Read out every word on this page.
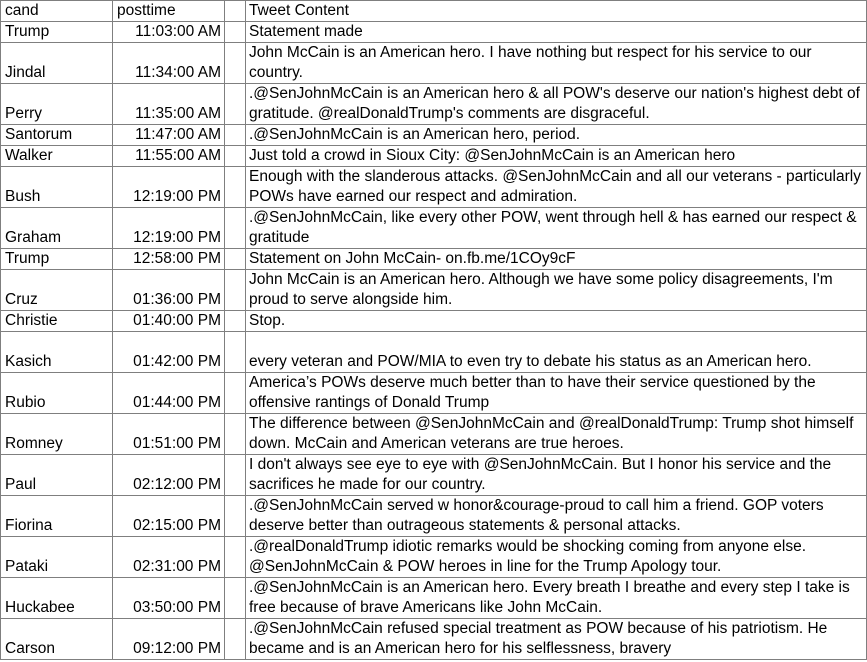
cand	posttime		Tweet Content
Trump	11:03:00 AM		Statement made
Jindal	11:34:00 AM		John McCain is an American hero. I have nothing but respect for his service to our country.
Perry	11:35:00 AM		.@SenJohnMcCain is an American hero & all POW's deserve our nation's highest debt of gratitude. @realDonaldTrump's comments are disgraceful.
Santorum	11:47:00 AM		.@SenJohnMcCain is an American hero, period.
Walker	11:55:00 AM		Just told a crowd in Sioux City: @SenJohnMcCain is an American hero
Bush	12:19:00 PM		Enough with the slanderous attacks. @SenJohnMcCain and all our veterans - particularly POWs have earned our respect and admiration.
Graham	12:19:00 PM		.@SenJohnMcCain, like every other POW, went through hell & has earned our respect & gratitude
Trump	12:58:00 PM		Statement on John McCain- on.fb.me/1COy9cF
Cruz	01:36:00 PM		John McCain is an American hero. Although we have some policy disagreements, I'm proud to serve alongside him.
Christie	01:40:00 PM		Stop.
Kasich	01:42:00 PM		every veteran and POW/MIA to even try to debate his status as an American hero.
Rubio	01:44:00 PM		America’s POWs deserve much better than to have their service questioned by the offensive rantings of Donald Trump
Romney	01:51:00 PM		The difference between @SenJohnMcCain and @realDonaldTrump: Trump shot himself down. McCain and American veterans are true heroes.
Paul	02:12:00 PM		I don't always see eye to eye with @SenJohnMcCain. But I honor his service and the sacrifices he made for our country.
Fiorina	02:15:00 PM		.@SenJohnMcCain served w honor&courage-proud to call him a friend. GOP voters deserve better than outrageous statements & personal attacks.
Pataki	02:31:00 PM		.@realDonaldTrump idiotic remarks would be shocking coming from anyone else. @SenJohnMcCain & POW heroes in line for the Trump Apology tour.
Huckabee	03:50:00 PM		.@SenJohnMcCain is an American hero. Every breath I breathe and every step I take is free because of brave Americans like John McCain.
Carson	09:12:00 PM		.@SenJohnMcCain refused special treatment as POW because of his patriotism. He became and is an American hero for his selflessness, bravery
